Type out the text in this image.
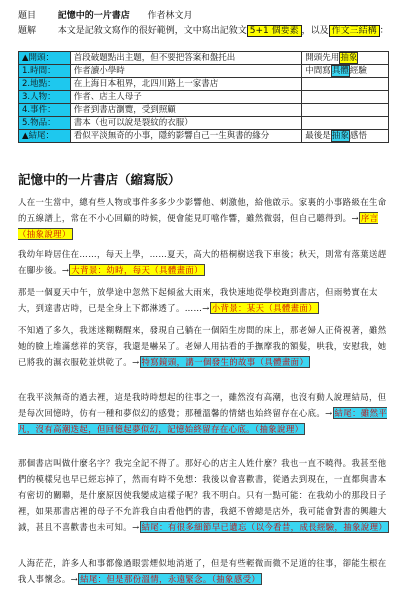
題目 記憶中的一片書店 作者林文月
題解 本文是記敘文寫作的很好範例，文中寫出記敘文 5+1 個要素 ，以及 作文三結構 ：
▲開頭：	首段破題點出主題，但不要把答案和盤托出	開頭先用抽象
1.時間：	作者讀小學時	中間寫具體經驗
2.地點：	在上海日本租界，北四川路上一家書店	
3.人物：	作者、店主人母子	
4.事件：	作者到書店瀏覽，受到照顧	
5.物品：	書本（也可以說是裂紋的衣服）	
▲結尾：	看似平淡無奇的小事，隱約影響自己一生與書的緣分	最後是抽象感悟
記憶中的一片書店（縮寫版）

人在一生當中，總有些人物或事件多多少少影響他、刺激他，給他啟示。家裏的小事路級在生命的五線譜上，常在不小心回顧的時候，便會能見叮噹作響，雖然微弱，但自己聽得到。→ 序言（抽象說理）

我幼年時居住在……，每天上學，……夏天，高大的梧桐樹送我下車後；秋天，則常有落葉送趕在腳步後。→ 大背景：幼時，每天（具體畫面）

那是一個夏天中午，放學途中忽然下起傾盆大雨來，我快速地從學校跑到書店，但雨勢實在太大，到達書店時，已是全身上下都淋透了。……→ 小背景：某天（具體畫面）

不知過了多久，我迷迷糊糊醒來，發現自己躺在一個陌生房間的床上，那老婦人正倚視著，雖然她的臉上堆滿慈祥的笑容，我還是嚇呆了。老婦人用拈看的手撫摩我的額髮，哄我，安慰我，她已將我的濕衣服乾並烘乾了。→ 特寫鏡頭，講一個發生的故事（具體畫面）

在我平淡無奇的過去裡，這是我時時想起的往事之一，雖然沒有高潮，也沒有動人說理結局，但是每次回憶時，仿有一種和夢似幻的感覺；那種溫馨的情緒也始終留存在心底。→ 結尾：雖然平凡，沒有高潮迭起，但回憶起夢似幻，記憶始終留存在心底。（抽象說理）

那個書店叫做什麼名字？我完全記不得了。那好心的店主人姓什麼？我也一直不曉得。我甚至他們的模樣兒也早已經忘掉了，然而有時不免想：我後以會喜歡書，從過去到現在，一直都與書本有密切的關聯，是什麼原因使我變成這樣子呢？我不明白。只有一點可能：在我幼小的那段日子裡，如果那書店裡的母子不允許我自由看他們的書，我絕不曾總是店外，我可能會對書的興趣大減，甚且不喜歡書也未可知。→ 結尾：有很多細節早已遺忘（以今看昔，成長經驗，抽象說理）

人海茫茫，許多人和事都像過眼雲煙似地消逝了，但是有些輕微而微不足道的往事，卻能生根在我人事懷念。→ 結尾：但是那份溫情，永遠緊念。（抽象感受）
